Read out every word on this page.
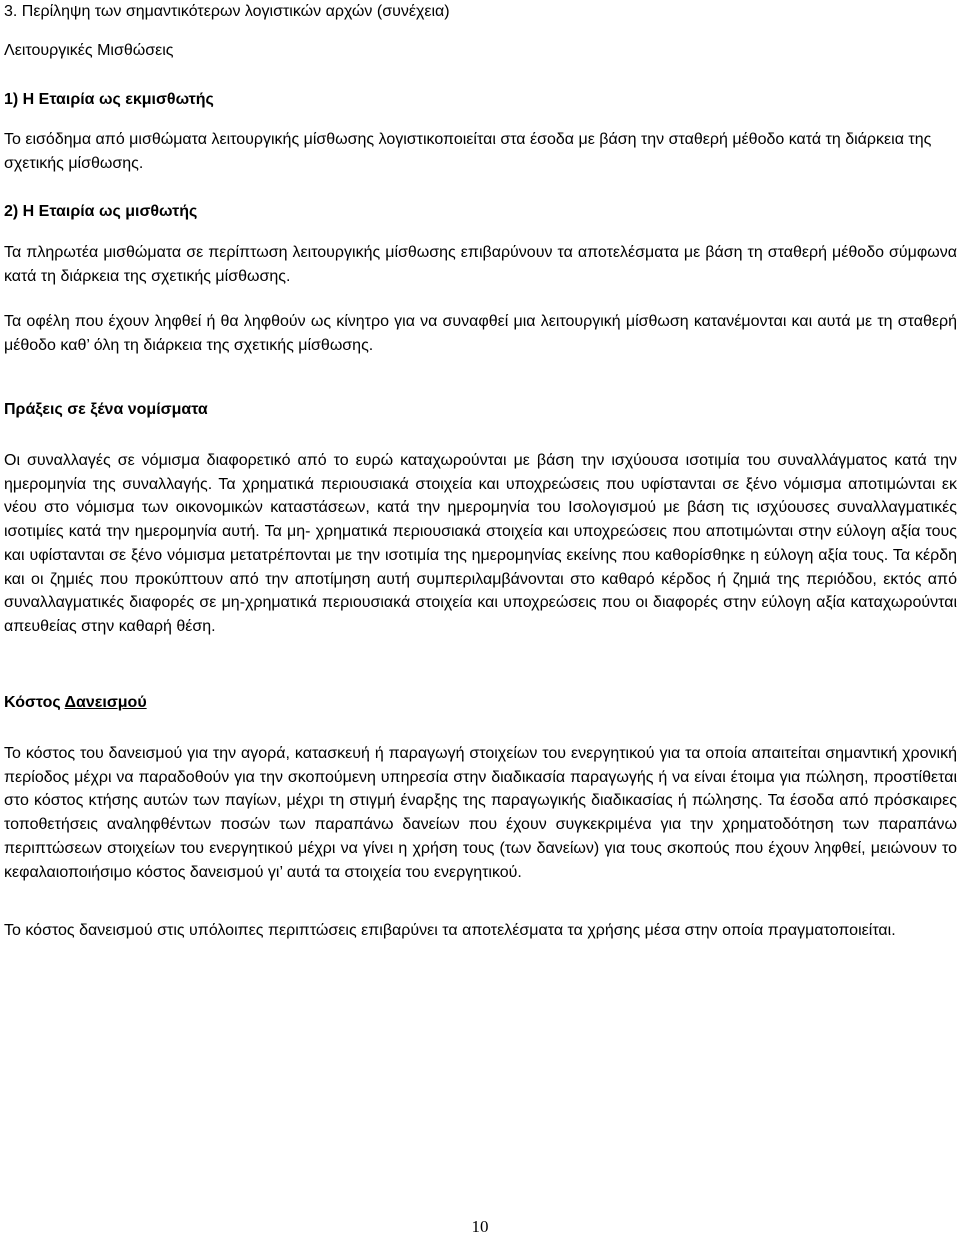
3. Περίληψη των σημαντικότερων λογιστικών αρχών (συνέχεια)
Λειτουργικές Μισθώσεις
1) Η Εταιρία ως εκμισθωτής

Το εισόδημα από μισθώματα λειτουργικής μίσθωσης λογιστικοποιείται στα έσοδα με βάση την σταθερή μέθοδο κατά τη διάρκεια της σχετικής μίσθωσης.

2) Η Εταιρία ως μισθωτής

Τα πληρωτέα μισθώματα σε περίπτωση λειτουργικής μίσθωσης επιβαρύνουν τα αποτελέσματα με βάση τη σταθερή μέθοδο σύμφωνα κατά τη διάρκεια της σχετικής μίσθωσης.

Τα οφέλη που έχουν ληφθεί ή θα ληφθούν ως κίνητρο για να συναφθεί μια λειτουργική μίσθωση κατανέμονται και αυτά με τη σταθερή μέθοδο καθ’ όλη τη διάρκεια της σχετικής μίσθωσης.

Πράξεις σε ξένα νομίσματα

Οι συναλλαγές σε νόμισμα διαφορετικό από το ευρώ καταχωρούνται με βάση την ισχύουσα ισοτιμία του συναλλάγματος κατά την ημερομηνία της συναλλαγής. Τα χρηματικά περιουσιακά στοιχεία και υποχρεώσεις που υφίστανται σε ξένο νόμισμα αποτιμώνται εκ νέου στο νόμισμα των οικονομικών καταστάσεων, κατά την ημερομηνία του Ισολογισμού με βάση τις ισχύουσες συναλλαγματικές ισοτιμίες κατά την ημερομηνία αυτή. Τα μη- χρηματικά περιουσιακά στοιχεία και υποχρεώσεις που αποτιμώνται στην εύλογη αξία τους και υφίστανται σε ξένο νόμισμα μετατρέπονται με την ισοτιμία της ημερομηνίας εκείνης που καθορίσθηκε η εύλογη αξία τους. Τα κέρδη και οι ζημιές που προκύπτουν από την αποτίμηση αυτή συμπεριλαμβάνονται στο καθαρό κέρδος ή ζημιά της περιόδου, εκτός από συναλλαγματικές διαφορές σε μη-χρηματικά περιουσιακά στοιχεία και υποχρεώσεις που οι διαφορές στην εύλογη αξία καταχωρούνται απευθείας στην καθαρή θέση.

Κόστος Δανεισμού

Το κόστος του δανεισμού για την αγορά, κατασκευή ή παραγωγή στοιχείων του ενεργητικού για τα οποία απαιτείται σημαντική χρονική περίοδος μέχρι να παραδοθούν για την σκοπούμενη υπηρεσία στην διαδικασία παραγωγής ή να είναι έτοιμα για πώληση, προστίθεται στο κόστος κτήσης αυτών των παγίων, μέχρι τη στιγμή έναρξης της παραγωγικής διαδικασίας ή πώλησης. Τα έσοδα από πρόσκαιρες τοποθετήσεις αναληφθέντων ποσών των παραπάνω δανείων που έχουν συγκεκριμένα για την χρηματοδότηση των παραπάνω περιπτώσεων στοιχείων του ενεργητικού μέχρι να γίνει η χρήση τους (των δανείων) για τους σκοπούς που έχουν ληφθεί, μειώνουν το κεφαλαιοποιήσιμο κόστος δανεισμού γι’ αυτά τα στοιχεία του ενεργητικού.

Το κόστος δανεισμού στις υπόλοιπες περιπτώσεις επιβαρύνει τα αποτελέσματα τα χρήσης μέσα στην οποία πραγματοποιείται.

10
